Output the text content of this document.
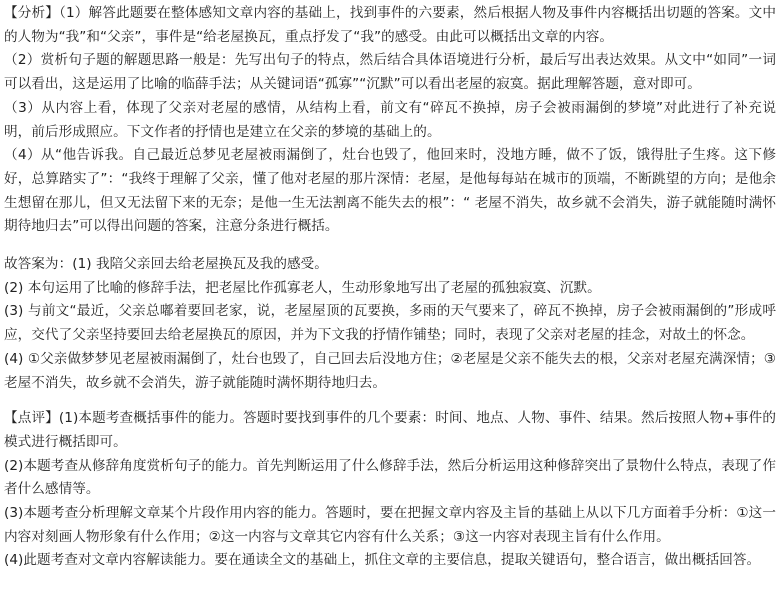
【分析】（1）解答此题要在整体感知文章内容的基础上，找到事件的六要素，然后根据人物及事件内容概括出切题的答案。文中的人物为“我”和“父亲”，事件是“给老屋换瓦，重点抒发了“我”的感受。由此可以概括出文章的内容。

（2）赏析句子题的解题思路一般是：先写出句子的特点，然后结合具体语境进行分析，最后写出表达效果。从文中“如同”一词可以看出，这是运用了比喻的临薛手法；从关键词语“孤寡”“沉默”可以看出老屋的寂寞。据此理解答题，意对即可。

（3）从内容上看，体现了父亲对老屋的感情，从结构上看，前文有“碎瓦不换掉，房子会被雨漏倒的梦境”对此进行了补充说明，前后形成照应。下文作者的抒情也是建立在父亲的梦境的基础上的。

（4）从“他告诉我。自己最近总梦见老屋被雨漏倒了，灶台也毁了，他回来时，没地方睡，做不了饭，饿得肚子生疼。这下修好，总算踏实了”：“我终于理解了父亲，懂了他对老屋的那片深情：老屋，是他每每站在城市的顶端，不断跳望的方向；是他余生想留在那儿，但又无法留下来的无奈；是他一生无法割离不能失去的根”：“ 老屋不消失，故乡就不会消失，游子就能随时满怀期待地归去”可以得出问题的答案，注意分条进行概括。

故答案为：(1) 我陪父亲回去给老屋换瓦及我的感受。

(2) 本句运用了比喻的修辞手法，把老屋比作孤寡老人，生动形象地写出了老屋的孤独寂寞、沉默。

(3) 与前文“最近，父亲总嘟着要回老家，说，老屋屋顶的瓦要换，多雨的天气要来了，碎瓦不换掉，房子会被雨漏倒的”形成呼应，交代了父亲坚持要回去给老屋换瓦的原因，并为下文我的抒情作铺垫；同时，表现了父亲对老屋的挂念，对故土的怀念。

(4) ①父亲做梦梦见老屋被雨漏倒了，灶台也毁了，自己回去后没地方住；②老屋是父亲不能失去的根，父亲对老屋充满深情；③老屋不消失，故乡就不会消失，游子就能随时满怀期待地归去。

【点评】(1)本题考查概括事件的能力。答题时要找到事件的几个要素：时间、地点、人物、事件、结果。然后按照人物+事件的模式进行概括即可。

(2)本题考查从修辞角度赏析句子的能力。首先判断运用了什么修辞手法，然后分析运用这种修辞突出了景物什么特点，表现了作者什么感情等。

(3)本题考查分析理解文章某个片段作用内容的能力。答题时，要在把握文章内容及主旨的基础上从以下几方面着手分析：①这一内容对刻画人物形象有什么作用；②这一内容与文章其它内容有什么关系；③这一内容对表现主旨有什么作用。

(4)此题考查对文章内容解读能力。要在通读全文的基础上，抓住文章的主要信息，提取关键语句，整合语言，做出概括回答。
